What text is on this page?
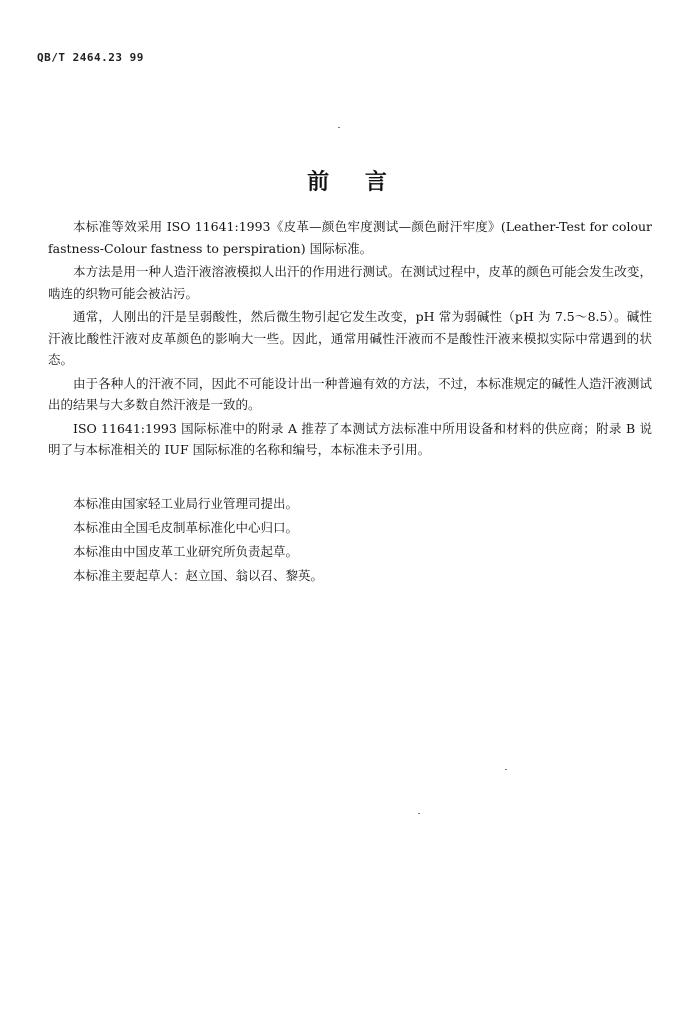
QB/T 2464.23 99
前 言

本标准等效采用 ISO 11641:1993《皮革—颜色牢度测试—颜色耐汗牢度》(Leather-Test for colour fastness-Colour fastness to perspiration) 国际标准。

本方法是用一种人造汗液溶液模拟人出汗的作用进行测试。在测试过程中，皮革的颜色可能会发生改变，啮连的织物可能会被沾污。

通常，人刚出的汗是呈弱酸性，然后微生物引起它发生改变，pH 常为弱碱性（pH 为 7.5～8.5）。碱性汗液比酸性汗液对皮革颜色的影响大一些。因此，通常用碱性汗液而不是酸性汗液来模拟实际中常遇到的状态。

由于各种人的汗液不同，因此不可能设计出一种普遍有效的方法，不过，本标准规定的碱性人造汗液测试出的结果与大多数自然汗液是一致的。

ISO 11641:1993 国际标准中的附录 A 推荐了本测试方法标准中所用设备和材料的供应商；附录 B 说明了与本标准相关的 IUF 国际标准的名称和编号，本标准未予引用。

本标准由国家轻工业局行业管理司提出。

本标准由全国毛皮制革标准化中心归口。

本标准由中国皮革工业研究所负责起草。

本标准主要起草人：赵立国、翁以召、黎英。
